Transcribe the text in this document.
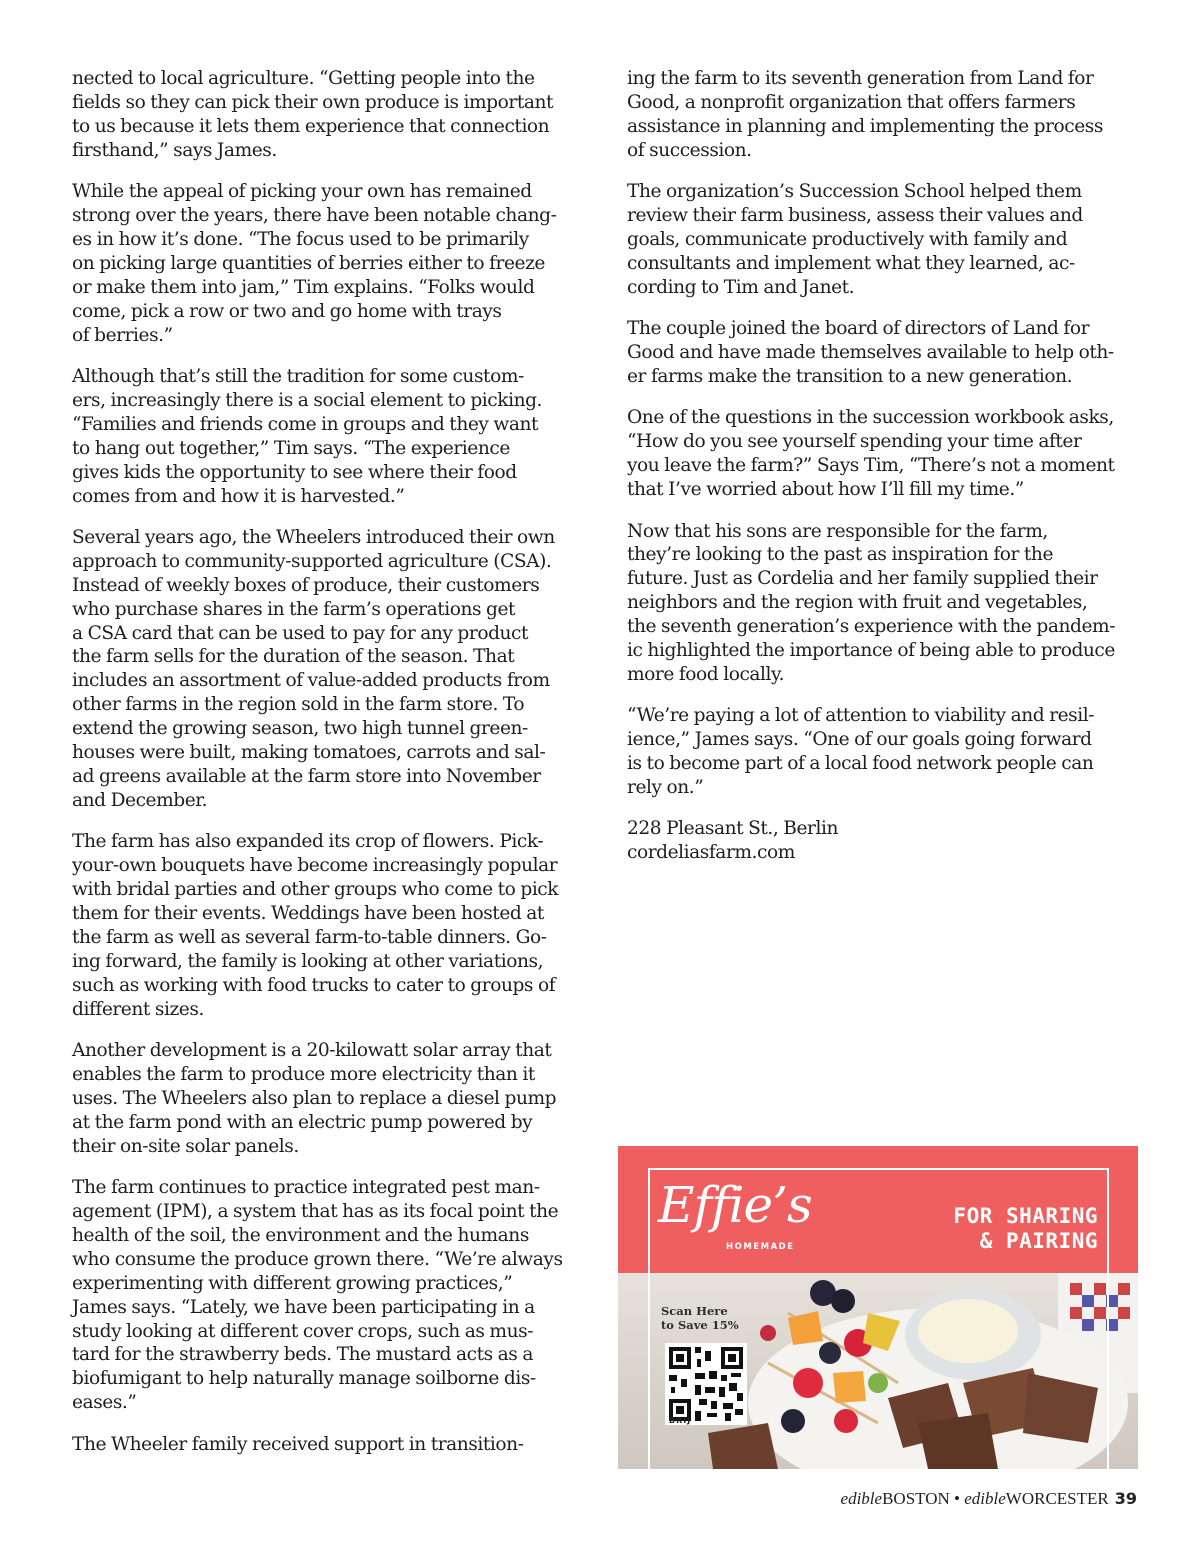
nected to local agriculture. “Getting people into the
fields so they can pick their own produce is important
to us because it lets them experience that connection
firsthand,” says James.

While the appeal of picking your own has remained
strong over the years, there have been notable chang-
es in how it’s done. “The focus used to be primarily
on picking large quantities of berries either to freeze
or make them into jam,” Tim explains. “Folks would
come, pick a row or two and go home with trays
of berries.”

Although that’s still the tradition for some custom-
ers, increasingly there is a social element to picking.
“Families and friends come in groups and they want
to hang out together,” Tim says. “The experience
gives kids the opportunity to see where their food
comes from and how it is harvested.”

Several years ago, the Wheelers introduced their own
approach to community-supported agriculture (CSA).
Instead of weekly boxes of produce, their customers
who purchase shares in the farm’s operations get
a CSA card that can be used to pay for any product
the farm sells for the duration of the season. That
includes an assortment of value-added products from
other farms in the region sold in the farm store. To
extend the growing season, two high tunnel green-
houses were built, making tomatoes, carrots and sal-
ad greens available at the farm store into November
and December.

The farm has also expanded its crop of flowers. Pick-
your-own bouquets have become increasingly popular
with bridal parties and other groups who come to pick
them for their events. Weddings have been hosted at
the farm as well as several farm-to-table dinners. Go-
ing forward, the family is looking at other variations,
such as working with food trucks to cater to groups of
different sizes.

Another development is a 20-kilowatt solar array that
enables the farm to produce more electricity than it
uses. The Wheelers also plan to replace a diesel pump
at the farm pond with an electric pump powered by
their on-site solar panels.

The farm continues to practice integrated pest man-
agement (IPM), a system that has as its focal point the
health of the soil, the environment and the humans
who consume the produce grown there. “We’re always
experimenting with different growing practices,”
James says. “Lately, we have been participating in a
study looking at different cover crops, such as mus-
tard for the strawberry beds. The mustard acts as a
biofumigant to help naturally manage soilborne dis-
eases.”

The Wheeler family received support in transition-

ing the farm to its seventh generation from Land for
Good, a nonprofit organization that offers farmers
assistance in planning and implementing the process
of succession.

The organization’s Succession School helped them
review their farm business, assess their values and
goals, communicate productively with family and
consultants and implement what they learned, ac-
cording to Tim and Janet.

The couple joined the board of directors of Land for
Good and have made themselves available to help oth-
er farms make the transition to a new generation.

One of the questions in the succession workbook asks,
“How do you see yourself spending your time after
you leave the farm?” Says Tim, “There’s not a moment
that I’ve worried about how I’ll fill my time.”

Now that his sons are responsible for the farm,
they’re looking to the past as inspiration for the
future. Just as Cordelia and her family supplied their
neighbors and the region with fruit and vegetables,
the seventh generation’s experience with the pandem-
ic highlighted the importance of being able to produce
more food locally.

“We’re paying a lot of attention to viability and resil-
ience,” James says. “One of our goals going forward
is to become part of a local food network people can
rely on.”

228 Pleasant St., Berlin
cordeliasfarm.com

Effie’s
HOMEMADE
FOR SHARING
& PAIRING
Scan Here
to Save 15%
BRIJ
edibleBOSTON • edibleWORCESTER 39
